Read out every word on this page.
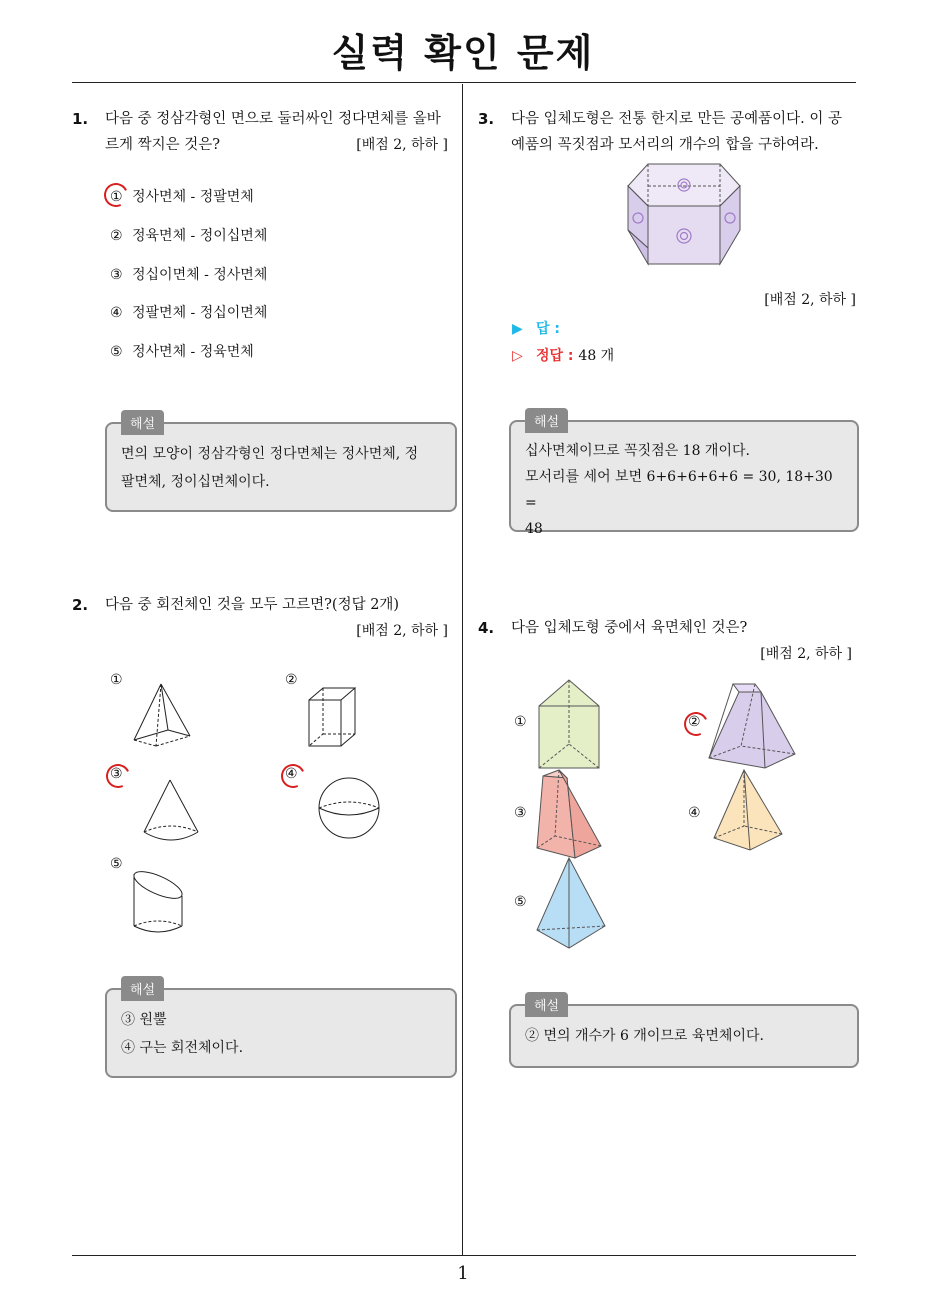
실력 확인 문제
1
1. 다음 중 정삼각형인 면으로 둘러싸인 정다면체를 올바
르게 짝지은 것은?	[배점 2, 하하 ]
① 정사면체 - 정팔면체
② 정육면체 - 정이십면체
③ 정십이면체 - 정사면체
④ 정팔면체 - 정십이면체
⑤ 정사면체 - 정육면체
해설
면의 모양이 정삼각형인 정다면체는 정사면체, 정
팔면체, 정이십면체이다.
2. 다음 중 회전체인 것을 모두 고르면?(정답 2개)
[배점 2, 하하 ]
①	②
③	④
⑤
해설
③ 원뿔
④ 구는 회전체이다.
3. 다음 입체도형은 전통 한지로 만든 공예품이다. 이 공
예품의 꼭짓점과 모서리의 개수의 합을 구하여라.
[배점 2, 하하 ]
▶ 답 :
▷ 정답 : 48 개
해설
십사면체이므로 꼭짓점은 18 개이다.
모서리를 세어 보면 6+6+6+6+6 = 30, 18+30 =
48
4. 다음 입체도형 중에서 육면체인 것은?
[배점 2, 하하 ]
①	②
③	④
⑤
해설
② 면의 개수가 6 개이므로 육면체이다.
